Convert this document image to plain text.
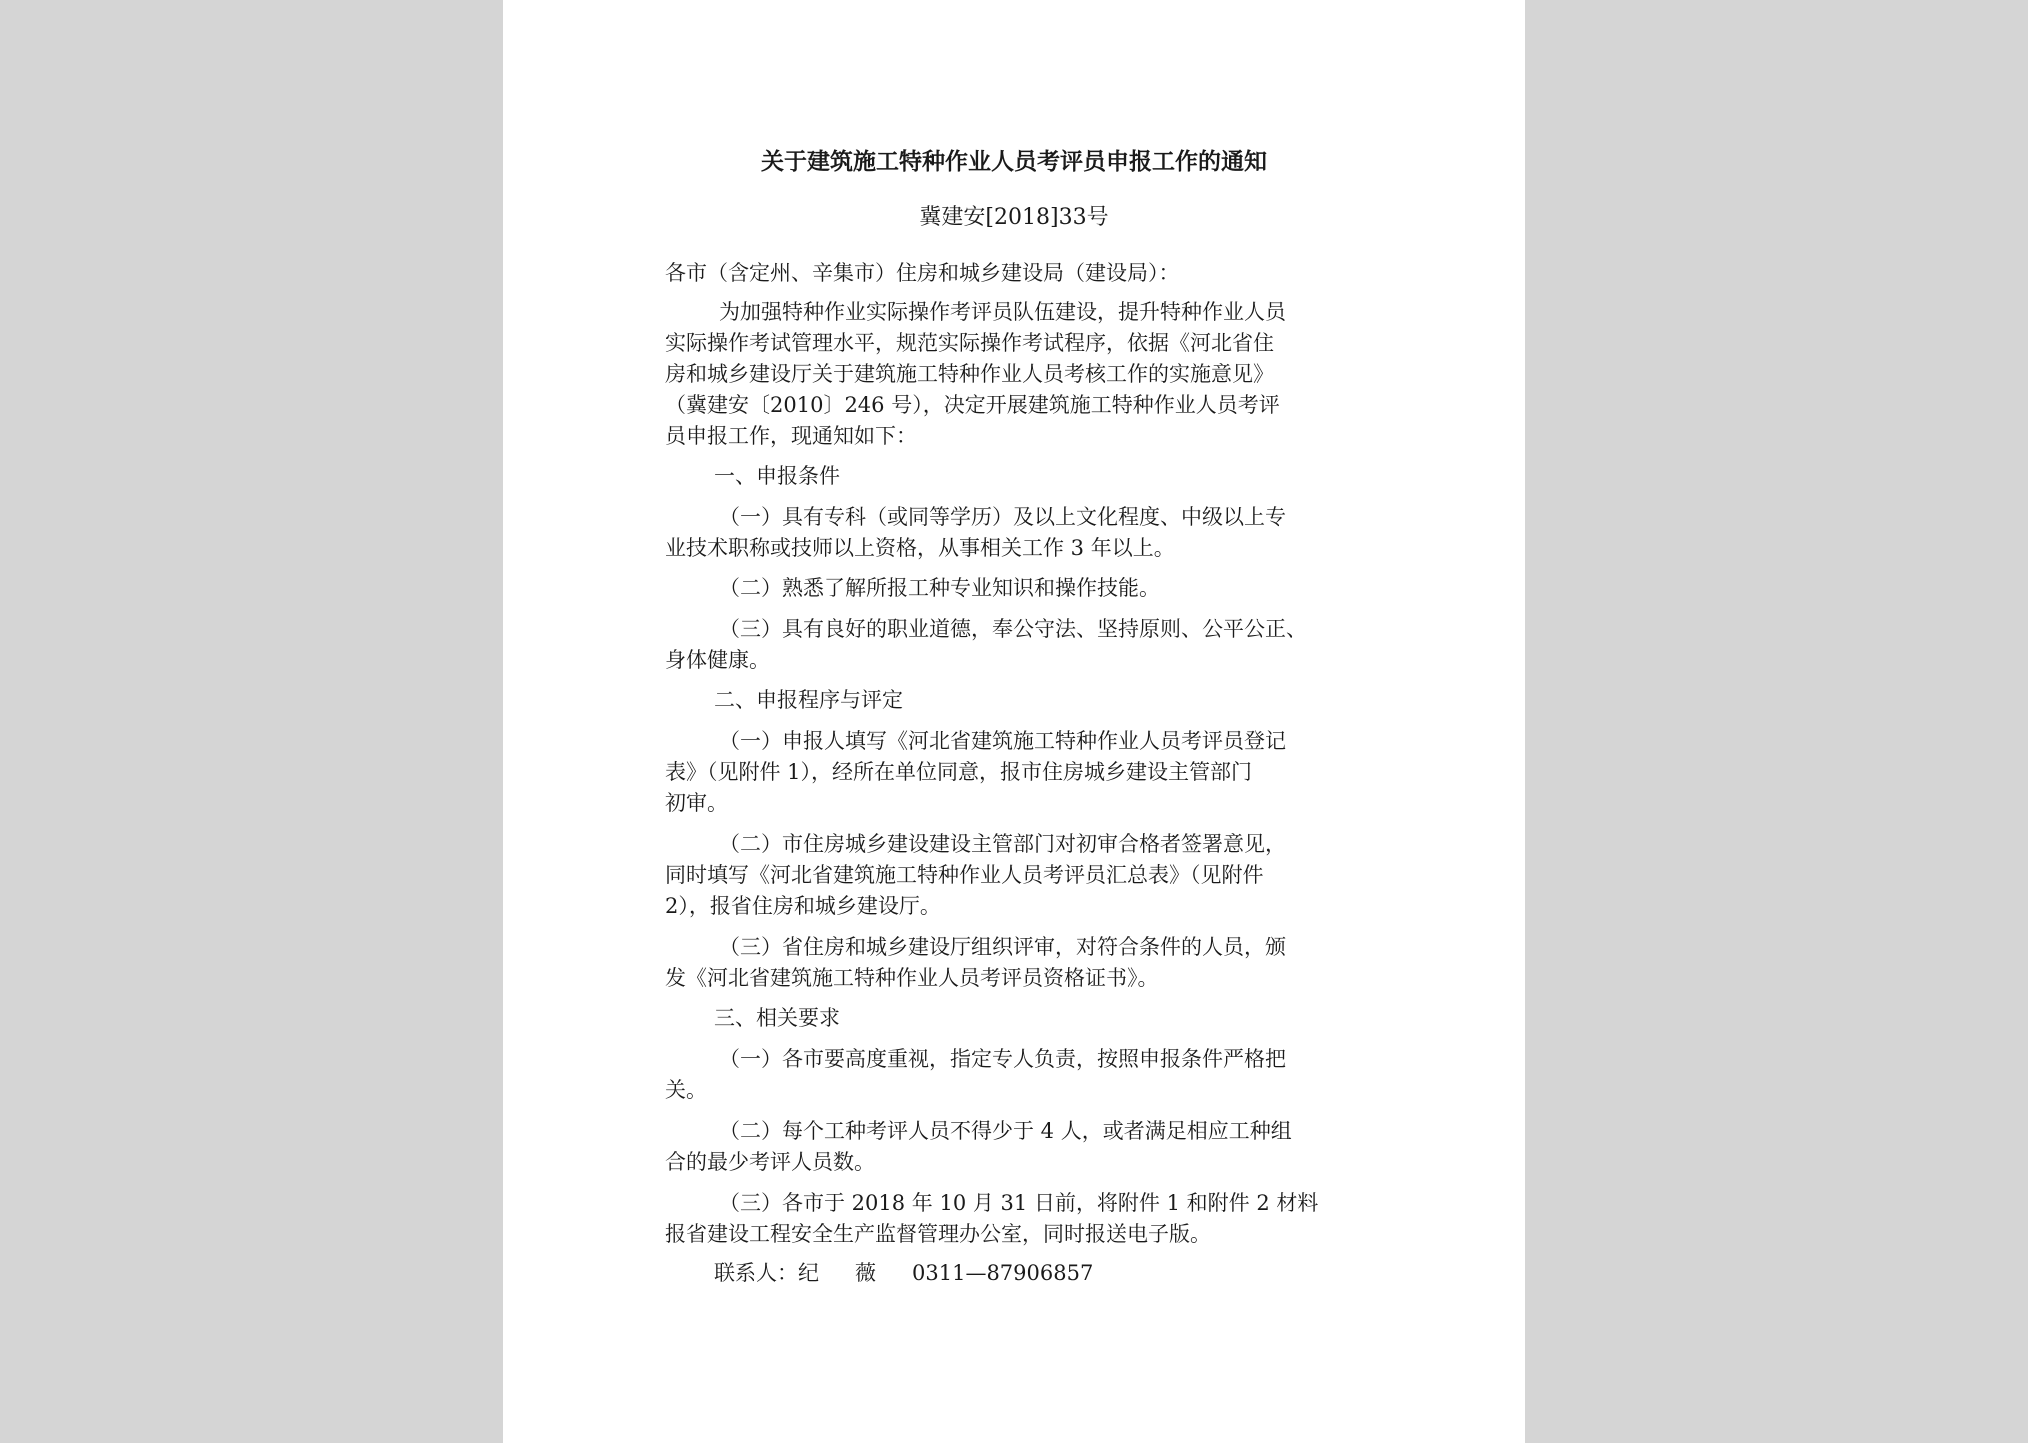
关于建筑施工特种作业人员考评员申报工作的通知
冀建安[2018]33号
各市（含定州、辛集市）住房和城乡建设局（建设局）：
为加强特种作业实际操作考评员队伍建设，提升特种作业人员
实际操作考试管理水平，规范实际操作考试程序，依据《河北省住
房和城乡建设厅关于建筑施工特种作业人员考核工作的实施意见》
（冀建安〔2010〕246 号），决定开展建筑施工特种作业人员考评
员申报工作，现通知如下：
一、申报条件
（一）具有专科（或同等学历）及以上文化程度、中级以上专
业技术职称或技师以上资格，从事相关工作 3 年以上。
（二）熟悉了解所报工种专业知识和操作技能。
（三）具有良好的职业道德，奉公守法、坚持原则、公平公正、
身体健康。
二、申报程序与评定
（一）申报人填写《河北省建筑施工特种作业人员考评员登记
表》（见附件 1），经所在单位同意，报市住房城乡建设主管部门
初审。
（二）市住房城乡建设建设主管部门对初审合格者签署意见，
同时填写《河北省建筑施工特种作业人员考评员汇总表》（见附件
2），报省住房和城乡建设厅。
（三）省住房和城乡建设厅组织评审，对符合条件的人员，颁
发《河北省建筑施工特种作业人员考评员资格证书》。
三、相关要求
（一）各市要高度重视，指定专人负责，按照申报条件严格把
关。
（二）每个工种考评人员不得少于 4 人，或者满足相应工种组
合的最少考评人员数。
（三）各市于 2018 年 10 月 31 日前，将附件 1 和附件 2 材料
报省建设工程安全生产监督管理办公室，同时报送电子版。
联系人：纪 薇 0311—87906857
